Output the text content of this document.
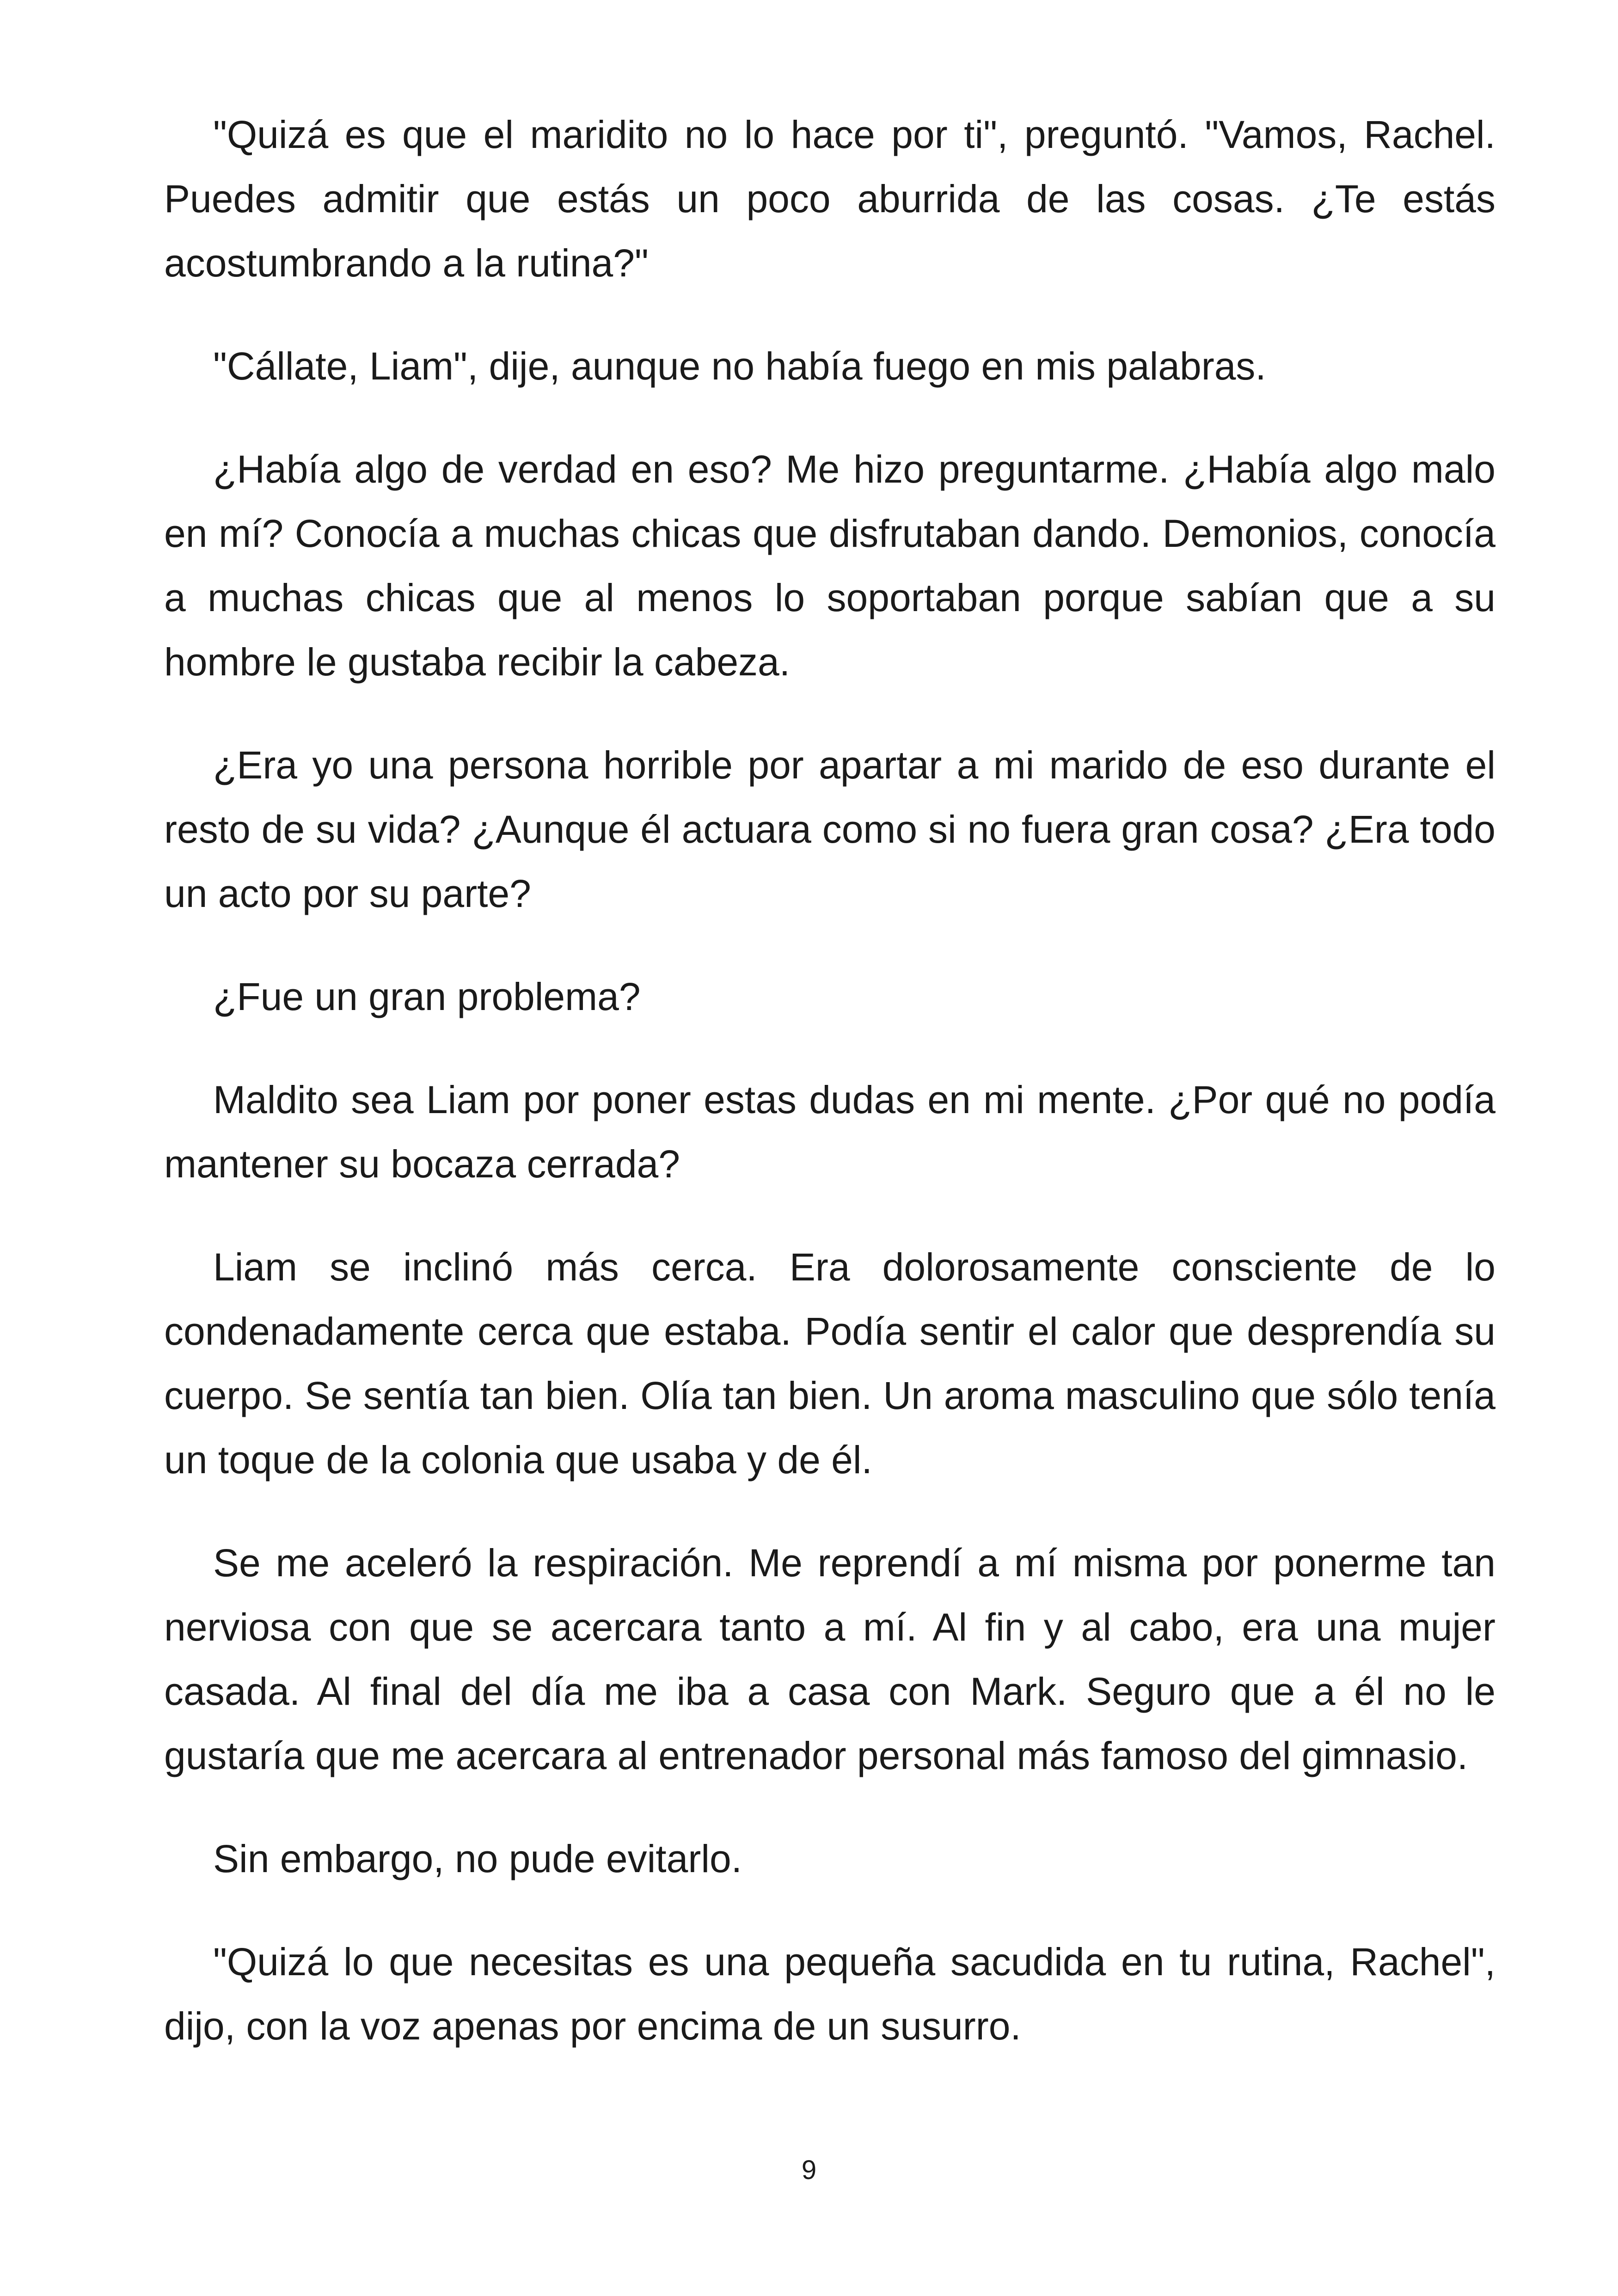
"Quizá es que el maridito no lo hace por ti", preguntó. "Vamos, Rachel. Puedes admitir que estás un poco aburrida de las cosas. ¿Te estás acostumbrando a la rutina?"

"Cállate, Liam", dije, aunque no había fuego en mis palabras.

¿Había algo de verdad en eso? Me hizo preguntarme. ¿Había algo malo en mí? Conocía a muchas chicas que disfrutaban dando. Demonios, conocía a muchas chicas que al menos lo soportaban porque sabían que a su hombre le gustaba recibir la cabeza.

¿Era yo una persona horrible por apartar a mi marido de eso durante el resto de su vida? ¿Aunque él actuara como si no fuera gran cosa? ¿Era todo un acto por su parte?

¿Fue un gran problema?

Maldito sea Liam por poner estas dudas en mi mente. ¿Por qué no podía mantener su bocaza cerrada?

Liam se inclinó más cerca. Era dolorosamente consciente de lo condenadamente cerca que estaba. Podía sentir el calor que desprendía su cuerpo. Se sentía tan bien. Olía tan bien. Un aroma masculino que sólo tenía un toque de la colonia que usaba y de él.

Se me aceleró la respiración. Me reprendí a mí misma por ponerme tan nerviosa con que se acercara tanto a mí. Al fin y al cabo, era una mujer casada. Al final del día me iba a casa con Mark. Seguro que a él no le gustaría que me acercara al entrenador personal más famoso del gimnasio.

Sin embargo, no pude evitarlo.

"Quizá lo que necesitas es una pequeña sacudida en tu rutina, Rachel", dijo, con la voz apenas por encima de un susurro.

9
